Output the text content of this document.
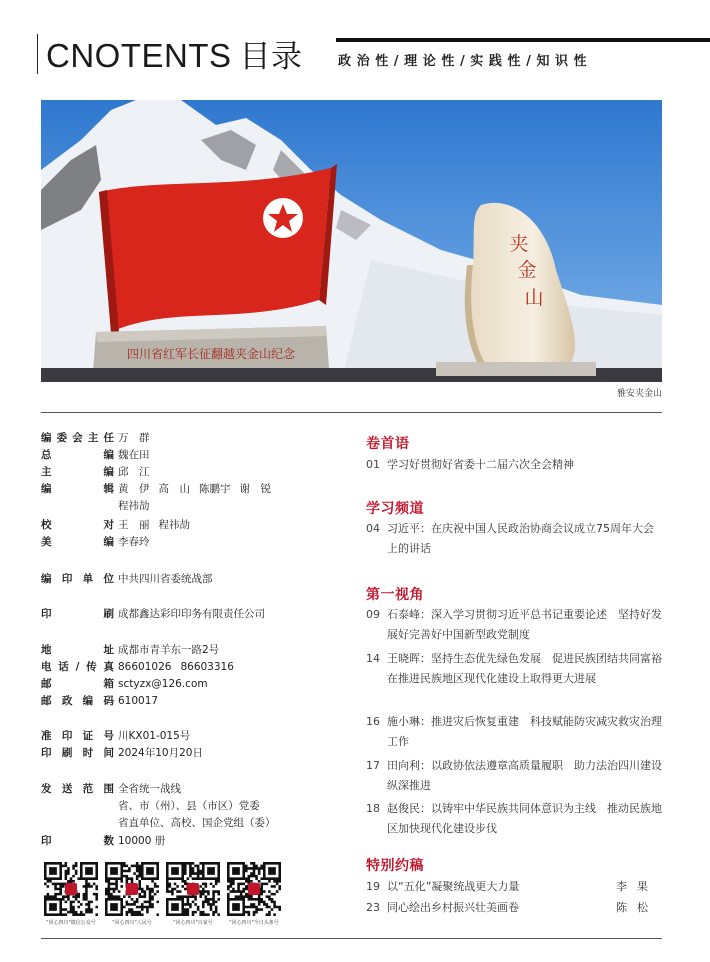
CNOTENTS 目录	政治性/理论性/实践性/知识性
夹
金
山
四川省红军长征翻越夹金山纪念
雅安夹金山
编 委 会 主 任 万　群
总	编 魏在田
主	编 邱　江
编	辑 黄　伊 高　山 陈鹏宇 谢　锐
程祎劼
校	对 王　丽 程祎劼
美	编 李春玲
编 印 单 位 中共四川省委统战部
印	刷 成都鑫达彩印印务有限责任公司
地	址 成都市青羊东一路2号
电 话 / 传 真 86601026 86603316
邮	箱 sctyzx@126.com
邮 政 编 码 610017
准 印 证 号 川KX01-015号
印 刷 时 间 2024年10月20日
发 送 范 围 全省统一战线
省、市（州）、县（市区）党委
省直单位、高校、国企党组（委）
印	数 10000 册
"同心四川"微信公众号	"同心四川"人民号	"同心四川"百家号	"同心四川"今日头条号
卷首语
01 学习好贯彻好省委十二届六次全会精神
学习频道
04 习近平：在庆祝中国人民政治协商会议成立75周年大会上的讲话
第一视角
09 石泰峰：深入学习贯彻习近平总书记重要论述　坚持好发展好完善好中国新型政党制度
14 王晓晖：坚持生态优先绿色发展　促进民族团结共同富裕　在推进民族地区现代化建设上取得更大进展
16 施小琳：推进灾后恢复重建　科技赋能防灾减灾救灾治理工作
17 田向利：以政协依法遵章高质量履职　助力法治四川建设纵深推进
18 赵俊民：以铸牢中华民族共同体意识为主线　推动民族地区加快现代化建设步伐
特别约稿
19 以“五化”凝聚统战更大力量	李果
23 同心绘出乡村振兴壮美画卷	陈松
